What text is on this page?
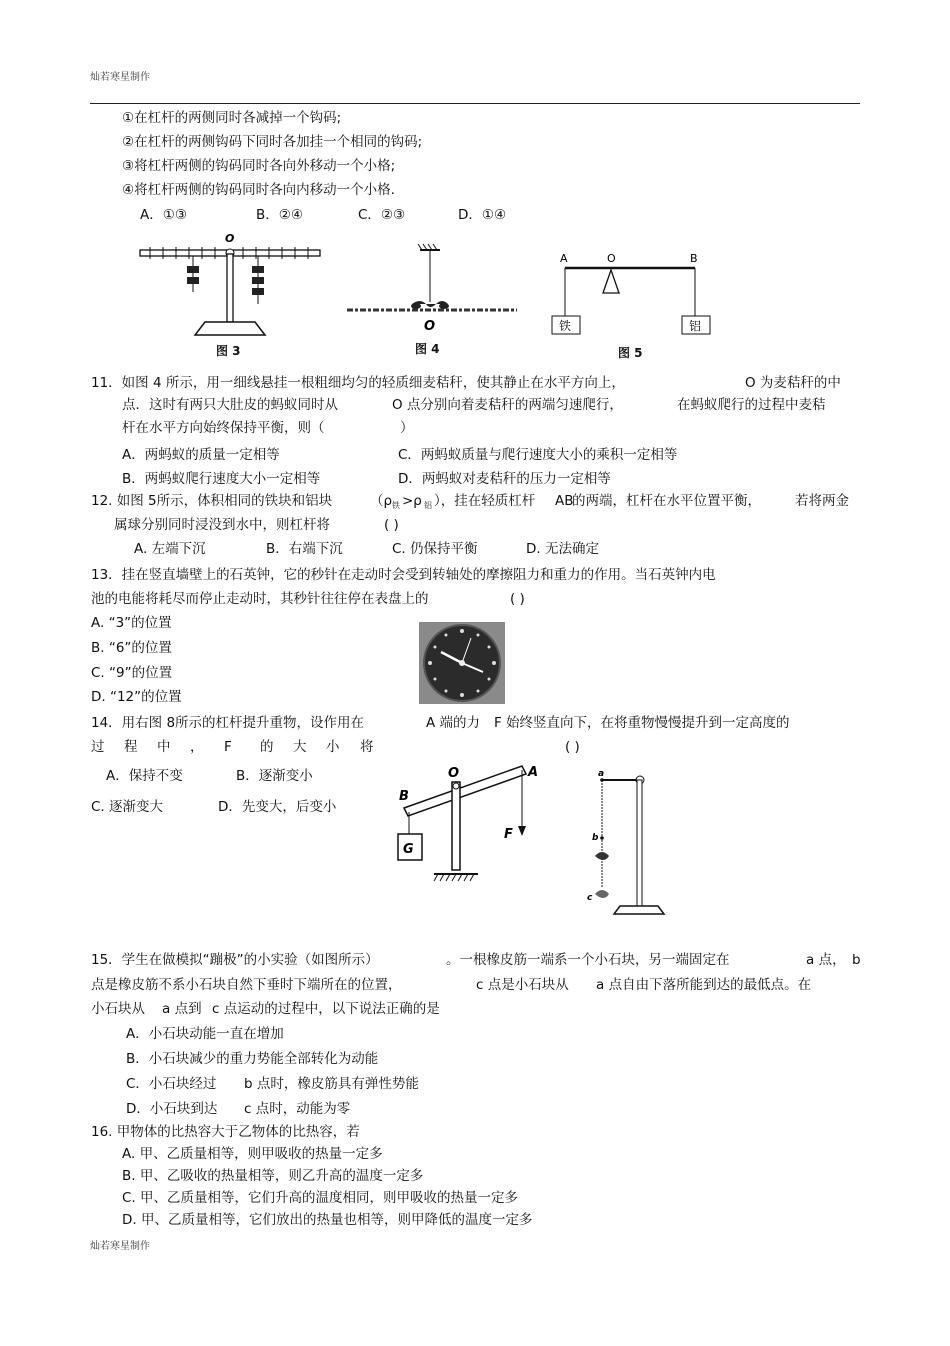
灿若寒星制作
灿若寒星制作
①在杠杆的两侧同时各减掉一个钩码;
②在杠杆的两侧钩码下同时各加挂一个相同的钩码;
③将杠杆两侧的钩码同时各向外移动一个小格;
④将杠杆两侧的钩码同时各向内移动一个小格.
A．①③	B．②④	C．②③	D．①④
O
图 3
O
图 4
A	O	B
铁	铝
图 5
11．如图 4 所示，用一细线悬挂一根粗细均匀的轻质细麦秸秆，使其静止在水平方向上，	O 为麦秸秆的中
点．这时有两只大肚皮的蚂蚁同时从	O 点分别向着麦秸秆的两端匀速爬行，	在蚂蚁爬行的过程中麦秸
杆在水平方向始终保持平衡，则（	）
A．两蚂蚁的质量一定相等	C．两蚂蚁质量与爬行速度大小的乘积一定相等
B．两蚂蚁爬行速度大小一定相等	D．两蚂蚁对麦秸秆的压力一定相等
12. 如图 5所示，体积相同的铁块和铝块	（ρ 铁 >ρ 铝 ），挂在轻质杠杆 AB
的两端，杠杆在水平位置平衡，	若将两金
属球分别同时浸没到水中，则杠杆将	( )
A. 左端下沉	B．右端下沉	C. 仍保持平衡	D. 无法确定
13．挂在竖直墙壁上的石英钟，它的秒针在走动时会受到转轴处的摩擦阻力和重力的作用。当石英钟内电
池的电能将耗尽而停止走动时，其秒针往往停在表盘上的	( )
A. “3”的位置
B. “6”的位置
C. “9”的位置
D. “12”的位置
14．用右图 8所示的杠杆提升重物，设作用在	A 端的力 F 始终竖直向下，在将重物慢慢提升到一定高度的
过 程 中 ， F 的 大 小 将	( )
A．保持不变	B．逐渐变小
C. 逐渐变大	D．先变大，后变小
B
O	A
F
G
a
b
c
15．学生在做模拟“蹦极”的小实验（如图所示）	。一根橡皮筋一端系一个小石块，另一端固定在	a 点， b
点是橡皮筋不系小石块自然下垂时下端所在的位置，	c 点是小石块从 a 点自由下落所能到达的最低点。在
小石块从 a 点到 c 点运动的过程中，以下说法正确的是
A．小石块动能一直在增加
B．小石块减少的重力势能全部转化为动能
C．小石块经过 b 点时，橡皮筋具有弹性势能
D．小石块到达 c 点时，动能为零
16. 甲物体的比热容大于乙物体的比热容，若
A. 甲、乙质量相等，则甲吸收的热量一定多
B. 甲、乙吸收的热量相等，则乙升高的温度一定多
C. 甲、乙质量相等，它们升高的温度相同，则甲吸收的热量一定多
D. 甲、乙质量相等，它们放出的热量也相等，则甲降低的温度一定多
